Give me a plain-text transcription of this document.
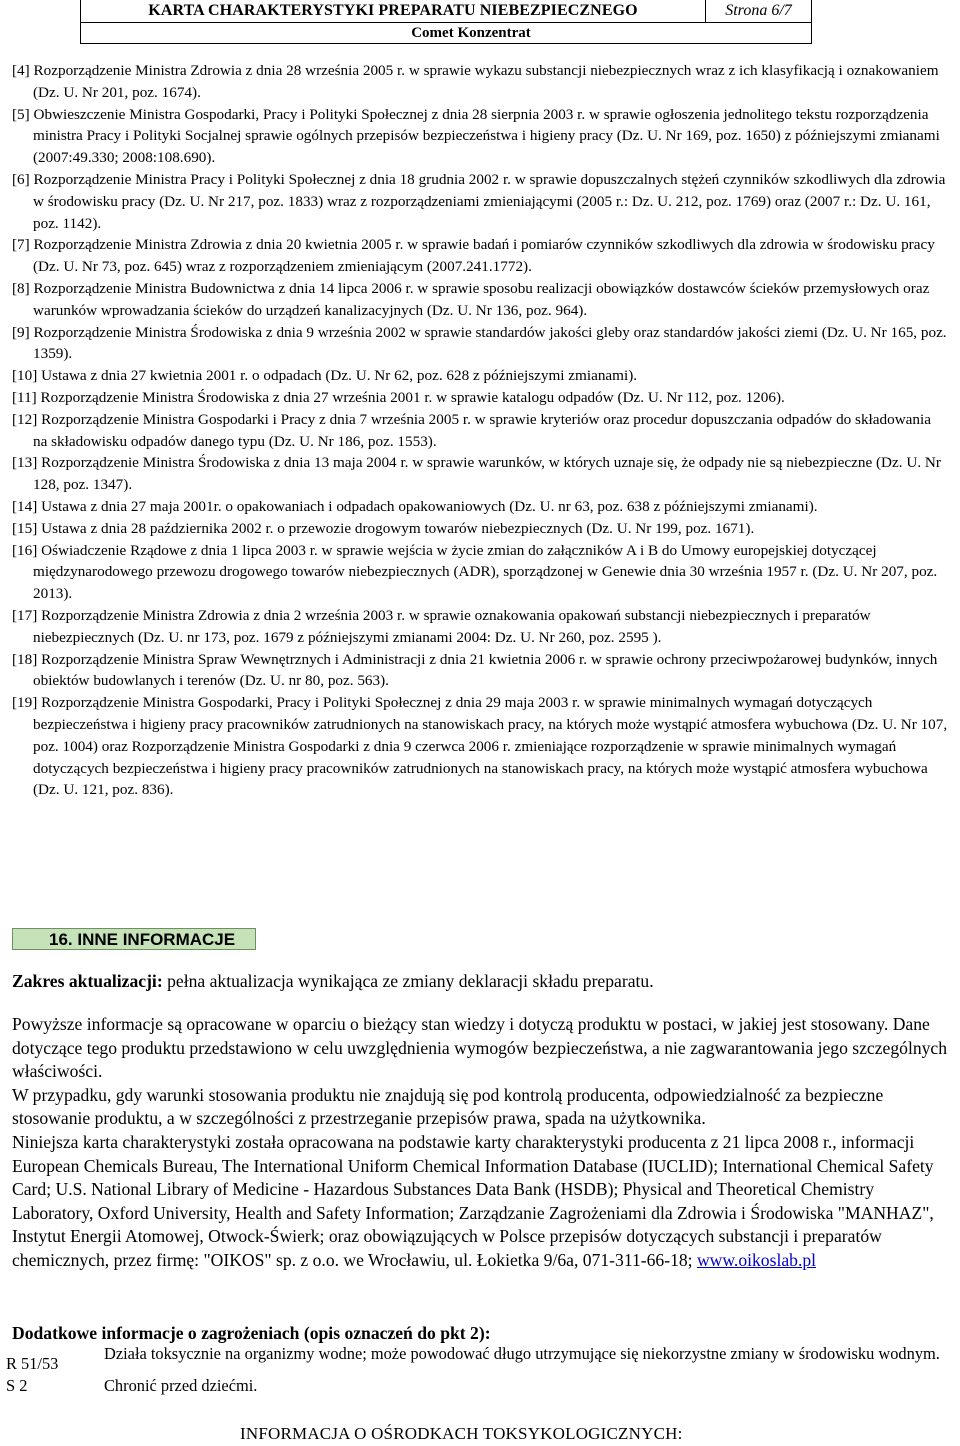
KARTA CHARAKTERYSTYKI PREPARATU NIEBEZPIECZNEGO	Strona 6/7
Comet Konzentrat

[4] Rozporządzenie Ministra Zdrowia z dnia 28 września 2005 r. w sprawie wykazu substancji niebezpiecznych wraz z ich klasyfikacją i oznakowaniem (Dz. U. Nr 201, poz. 1674).

[5] Obwieszczenie Ministra Gospodarki, Pracy i Polityki Społecznej z dnia 28 sierpnia 2003 r. w sprawie ogłoszenia jednolitego tekstu rozporządzenia ministra Pracy i Polityki Socjalnej sprawie ogólnych przepisów bezpieczeństwa i higieny pracy (Dz. U. Nr 169, poz. 1650) z późniejszymi zmianami (2007:49.330; 2008:108.690).

[6] Rozporządzenie Ministra Pracy i Polityki Społecznej z dnia 18 grudnia 2002 r. w sprawie dopuszczalnych stężeń czynników szkodliwych dla zdrowia w środowisku pracy (Dz. U. Nr 217, poz. 1833) wraz z rozporządzeniami zmieniającymi (2005 r.: Dz. U. 212, poz. 1769) oraz (2007 r.: Dz. U. 161, poz. 1142).

[7] Rozporządzenie Ministra Zdrowia z dnia 20 kwietnia 2005 r. w sprawie badań i pomiarów czynników szkodliwych dla zdrowia w środowisku pracy (Dz. U. Nr 73, poz. 645) wraz z rozporządzeniem zmieniającym (2007.241.1772).

[8] Rozporządzenie Ministra Budownictwa z dnia 14 lipca 2006 r. w sprawie sposobu realizacji obowiązków dostawców ścieków przemysłowych oraz warunków wprowadzania ścieków do urządzeń kanalizacyjnych (Dz. U. Nr 136, poz. 964).

[9] Rozporządzenie Ministra Środowiska z dnia 9 września 2002 w sprawie standardów jakości gleby oraz standardów jakości ziemi (Dz. U. Nr 165, poz. 1359).

[10] Ustawa z dnia 27 kwietnia 2001 r. o odpadach (Dz. U. Nr 62, poz. 628 z późniejszymi zmianami).

[11] Rozporządzenie Ministra Środowiska z dnia 27 września 2001 r. w sprawie katalogu odpadów (Dz. U. Nr 112, poz. 1206).

[12] Rozporządzenie Ministra Gospodarki i Pracy z dnia 7 września 2005 r. w sprawie kryteriów oraz procedur dopuszczania odpadów do składowania na składowisku odpadów danego typu (Dz. U. Nr 186, poz. 1553).

[13] Rozporządzenie Ministra Środowiska z dnia 13 maja 2004 r. w sprawie warunków, w których uznaje się, że odpady nie są niebezpieczne (Dz. U. Nr 128, poz. 1347).

[14] Ustawa z dnia 27 maja 2001r. o opakowaniach i odpadach opakowaniowych (Dz. U. nr 63, poz. 638 z późniejszymi zmianami).

[15] Ustawa z dnia 28 października 2002 r. o przewozie drogowym towarów niebezpiecznych (Dz. U. Nr 199, poz. 1671).

[16] Oświadczenie Rządowe z dnia 1 lipca 2003 r. w sprawie wejścia w życie zmian do załączników A i B do Umowy europejskiej dotyczącej międzynarodowego przewozu drogowego towarów niebezpiecznych (ADR), sporządzonej w Genewie dnia 30 września 1957 r. (Dz. U. Nr 207, poz. 2013).

[17] Rozporządzenie Ministra Zdrowia z dnia 2 września 2003 r. w sprawie oznakowania opakowań substancji niebezpiecznych i preparatów niebezpiecznych (Dz. U. nr 173, poz. 1679 z późniejszymi zmianami 2004: Dz. U. Nr 260, poz. 2595 ).

[18] Rozporządzenie Ministra Spraw Wewnętrznych i Administracji z dnia 21 kwietnia 2006 r. w sprawie ochrony przeciwpożarowej budynków, innych obiektów budowlanych i terenów (Dz. U. nr 80, poz. 563).

[19] Rozporządzenie Ministra Gospodarki, Pracy i Polityki Społecznej z dnia 29 maja 2003 r. w sprawie minimalnych wymagań dotyczących bezpieczeństwa i higieny pracy pracowników zatrudnionych na stanowiskach pracy, na których może wystąpić atmosfera wybuchowa (Dz. U. Nr 107, poz. 1004) oraz Rozporządzenie Ministra Gospodarki z dnia 9 czerwca 2006 r. zmieniające rozporządzenie w sprawie minimalnych wymagań dotyczących bezpieczeństwa i higieny pracy pracowników zatrudnionych na stanowiskach pracy, na których może wystąpić atmosfera wybuchowa (Dz. U. 121, poz. 836).

16. INNE INFORMACJE
Zakres aktualizacji: pełna aktualizacja wynikająca ze zmiany deklaracji składu preparatu.

Powyższe informacje są opracowane w oparciu o bieżący stan wiedzy i dotyczą produktu w postaci, w jakiej jest stosowany. Dane dotyczące tego produktu przedstawiono w celu uwzględnienia wymogów bezpieczeństwa, a nie zagwarantowania jego szczególnych właściwości.

W przypadku, gdy warunki stosowania produktu nie znajdują się pod kontrolą producenta, odpowiedzialność za bezpieczne stosowanie produktu, a w szczególności z przestrzeganie przepisów prawa, spada na użytkownika.

Niniejsza karta charakterystyki została opracowana na podstawie karty charakterystyki producenta z 21 lipca 2008 r., informacji European Chemicals Bureau, The International Uniform Chemical Information Database (IUCLID); International Chemical Safety Card; U.S. National Library of Medicine - Hazardous Substances Data Bank (HSDB); Physical and Theoretical Chemistry Laboratory, Oxford University, Health and Safety Information; Zarządzanie Zagrożeniami dla Zdrowia i Środowiska "MANHAZ", Instytut Energii Atomowej, Otwock-Świerk; oraz obowiązujących w Polsce przepisów dotyczących substancji i preparatów chemicznych, przez firmę: "OIKOS" sp. z o.o. we Wrocławiu, ul. Łokietka 9/6a, 071-311-66-18; www.oikoslab.pl

Dodatkowe informacje o zagrożeniach (opis oznaczeń do pkt 2):
R 51/53
Działa toksycznie na organizmy wodne; może powodować długo utrzymujące się niekorzystne zmiany w środowisku wodnym.
S 2	Chronić przed dziećmi.
INFORMACJA O OŚRODKACH TOKSYKOLOGICZNYCH:
